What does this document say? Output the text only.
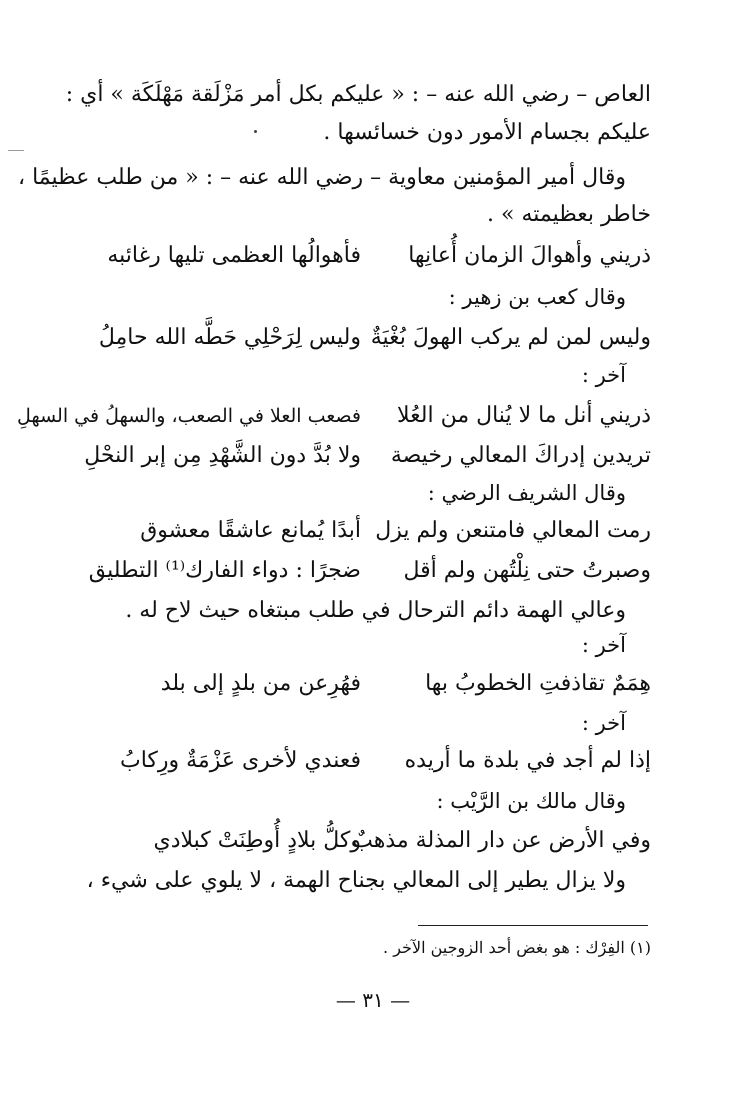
العاص – رضي الله عنه – : « عليكم بكل أمر مَزْلَقة مَهْلَكَة » أي :
عليكم بجسام الأمور دون خسائسها .
وقال أمير المؤمنين معاوية – رضي الله عنه – : « من طلب عظيمًا ،
خاطر بعظيمته » .
ذريني وأهوالَ الزمان أُعانِها
فأهوالُها العظمى تليها رغائبه
وقال كعب بن زهير :
وليس لمن لم يركب الهولَ بُغْيَةٌ
وليس لِرَحْلِي حَطَّه الله حامِلُ
آخر :
ذريني أنل ما لا يُنال من العُلا
فصعب العلا في الصعب، والسهلُ في السهلِ
تريدين إدراكَ المعالي رخيصة
ولا بُدَّ دون الشَّهْدِ مِن إبر النحْلِ
وقال الشريف الرضي :
رمت المعالي فامتنعن ولم يزل
أبدًا يُمانع عاشقًا معشوق
وصبرتُ حتى نِلْتُهن ولم أقل
ضجرًا : دواء الفارك⁽¹⁾ التطليق
وعالي الهمة دائم الترحال في طلب مبتغاه حيث لاح له .
آخر :
هِمَمٌ تقاذفتِ الخطوبُ بها
فهُرِعن من بلدٍ إلى بلد
آخر :
إذا لم أجد في بلدة ما أريده
فعندي لأخرى عَزْمَةٌ ورِكابُ
وقال مالك بن الرَّيْب :
وفي الأرض عن دار المذلة مذهبٌ
وكلُّ بلادٍ أُوطِنَتْ كبلادي
ولا يزال يطير إلى المعالي بجناح الهمة ، لا يلوي على شيء ،
(١) الفِرْك : هو بغض أحد الزوجين الآخر .
— ٣١ —
